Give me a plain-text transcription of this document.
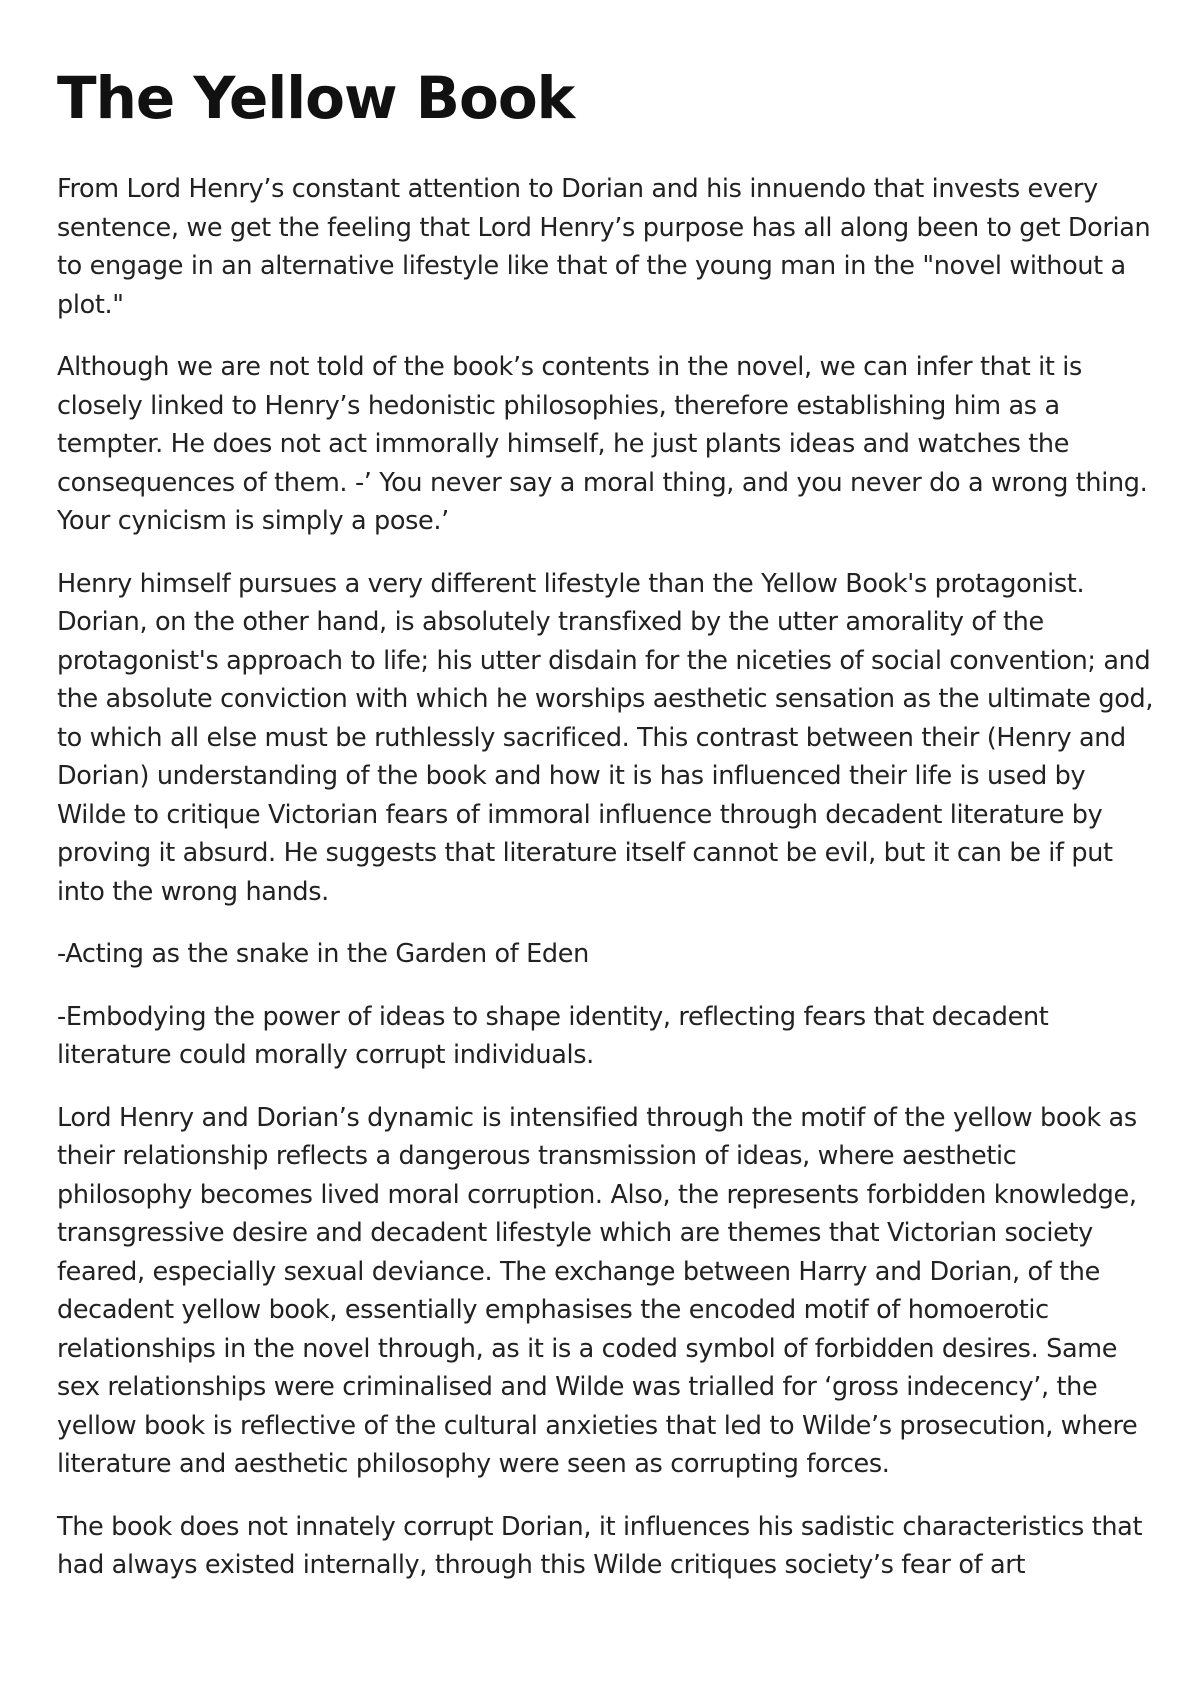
The Yellow Book

From Lord Henry’s constant attention to Dorian and his innuendo that invests every sentence, we get the feeling that Lord Henry’s purpose has all along been to get Dorian to engage in an alternative lifestyle like that of the young man in the "novel without a plot."

Although we are not told of the book’s contents in the novel, we can infer that it is closely linked to Henry’s hedonistic philosophies, therefore establishing him as a tempter. He does not act immorally himself, he just plants ideas and watches the consequences of them. -’ You never say a moral thing, and you never do a wrong thing. Your cynicism is simply a pose.’

Henry himself pursues a very different lifestyle than the Yellow Book's protagonist. Dorian, on the other hand, is absolutely transfixed by the utter amorality of the protagonist's approach to life; his utter disdain for the niceties of social convention; and the absolute conviction with which he worships aesthetic sensation as the ultimate god, to which all else must be ruthlessly sacrificed. This contrast between their (Henry and Dorian) understanding of the book and how it is has influenced their life is used by Wilde to critique Victorian fears of immoral influence through decadent literature by proving it absurd. He suggests that literature itself cannot be evil, but it can be if put into the wrong hands.

-Acting as the snake in the Garden of Eden

-Embodying the power of ideas to shape identity, reflecting fears that decadent literature could morally corrupt individuals.

Lord Henry and Dorian’s dynamic is intensified through the motif of the yellow book as their relationship reflects a dangerous transmission of ideas, where aesthetic philosophy becomes lived moral corruption. Also, the represents forbidden knowledge, transgressive desire and decadent lifestyle which are themes that Victorian society feared, especially sexual deviance. The exchange between Harry and Dorian, of the decadent yellow book, essentially emphasises the encoded motif of homoerotic relationships in the novel through, as it is a coded symbol of forbidden desires. Same sex relationships were criminalised and Wilde was trialled for ‘gross indecency’, the yellow book is reflective of the cultural anxieties that led to Wilde’s prosecution, where literature and aesthetic philosophy were seen as corrupting forces.

The book does not innately corrupt Dorian, it influences his sadistic characteristics that had always existed internally, through this Wilde critiques society’s fear of art
